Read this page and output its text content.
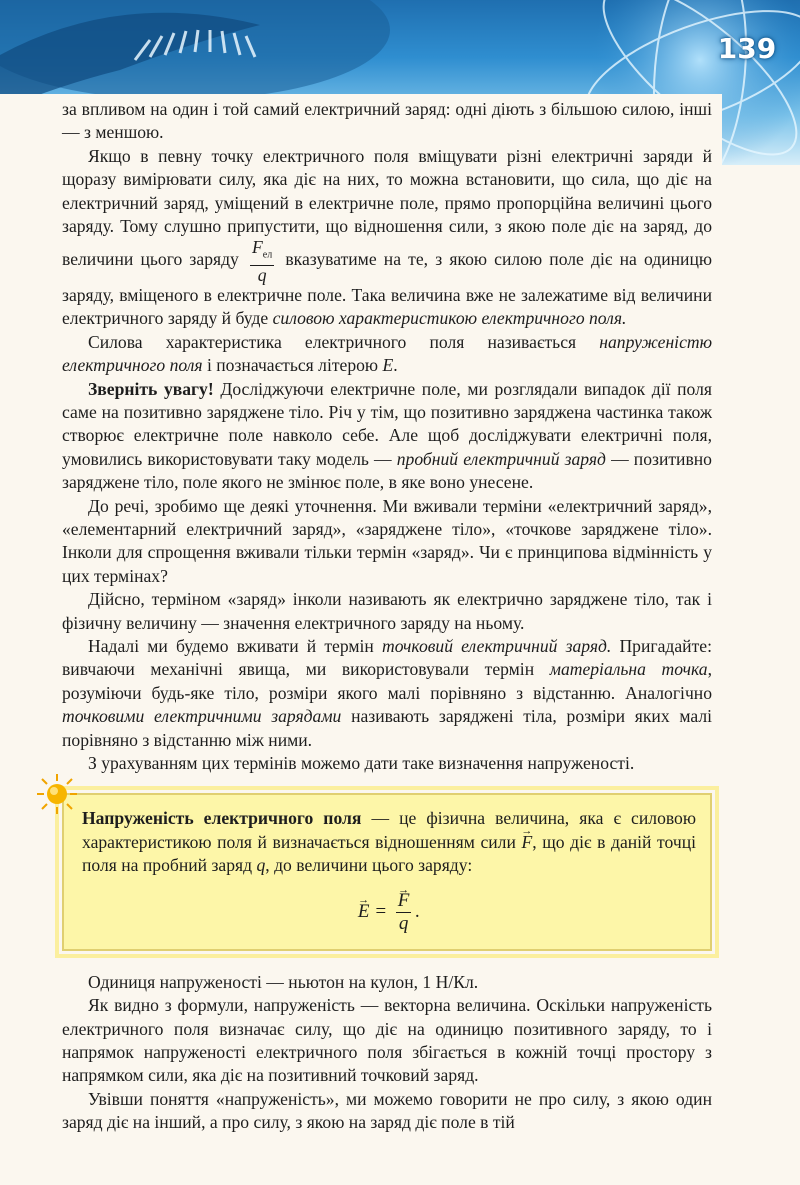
139

за впливом на один і той самий електричний заряд: одні діють з більшою силою, інші — з меншою.

Якщо в певну точку електричного поля вміщувати різні електричні заряди й щоразу вимірювати силу, яка діє на них, то можна встановити, що сила, що діє на електричний заряд, уміщений в електричне поле, прямо пропорційна величині цього заряду. Тому слушно припустити, що відношення сили, з якою поле діє на заряд, до величини цього заряду $\frac{F_{ел}}{q}$ вказуватиме на те, з якою силою поле діє на одиницю заряду, вміщеного в електричне поле. Така величина вже не залежатиме від величини електричного заряду й буде силовою характеристикою електричного поля.

Силова характеристика електричного поля називається напруженістю електричного поля і позначається літерою E.

Зверніть увагу! Досліджуючи електричне поле, ми розглядали випадок дії поля саме на позитивно заряджене тіло. Річ у тім, що позитивно заряджена частинка також створює електричне поле навколо себе. Але щоб досліджувати електричні поля, умовились використовувати таку модель — пробний електричний заряд — позитивно заряджене тіло, поле якого не змінює поле, в яке воно унесене.

До речі, зробимо ще деякі уточнення. Ми вживали терміни «електричний заряд», «елементарний електричний заряд», «заряджене тіло», «точкове заряджене тіло». Інколи для спрощення вживали тільки термін «заряд». Чи є принципова відмінність у цих термінах?

Дійсно, терміном «заряд» інколи називають як електрично заряджене тіло, так і фізичну величину — значення електричного заряду на ньому.

Надалі ми будемо вживати й термін точковий електричний заряд. Пригадайте: вивчаючи механічні явища, ми використовували термін матеріальна точка, розуміючи будь-яке тіло, розміри якого малі порівняно з відстанню. Аналогічно точковими електричними зарядами називають заряджені тіла, розміри яких малі порівняно з відстанню між ними.

З урахуванням цих термінів можемо дати таке визначення напруженості.

Напруженість електричного поля — це фізична величина, яка є силовою характеристикою поля й визначається відношенням сили → F, що діє в даній точці поля на пробний заряд q, до величини цього заряду:

→ E = → $\frac{F}{q}$ .

Одиниця напруженості — ньютон на кулон, 1 Н/Кл.

Як видно з формули, напруженість — векторна величина. Оскільки напруженість електричного поля визначає силу, що діє на одиницю позитивного заряду, то і напрямок напруженості електричного поля збігається в кожній точці простору з напрямком сили, яка діє на позитивний точковий заряд.

Увівши поняття «напруженість», ми можемо говорити не про силу, з якою один заряд діє на інший, а про силу, з якою на заряд діє поле в тій
